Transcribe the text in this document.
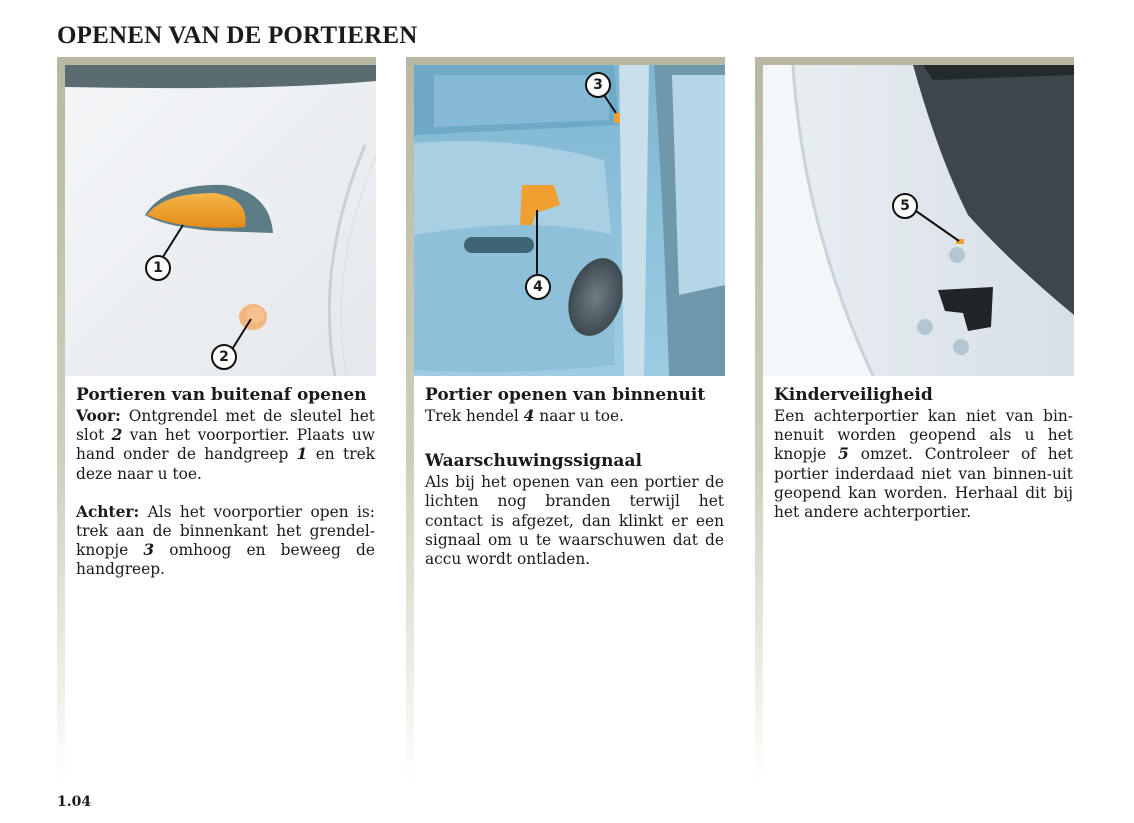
OPENEN VAN DE PORTIEREN
1
2
Portieren van buitenaf openen

Voor: Ontgrendel met de sleutel het slot 2 van het voorportier. Plaats uw hand onder de handgreep 1 en trek deze naar u toe.

Achter: Als het voorportier open is: trek aan de binnenkant het grendel-knopje 3 omhoog en beweeg de handgreep.

3
4
Portier openen van binnenuit

Trek hendel 4 naar u toe.

Waarschuwingssignaal

Als bij het openen van een portier de lichten nog branden terwijl het contact is afgezet, dan klinkt er een signaal om u te waarschuwen dat de accu wordt ontladen.

5
Kinderveiligheid

Een achterportier kan niet van bin-nenuit worden geopend als u het knopje 5 omzet. Controleer of het portier inderdaad niet van binnen-uit geopend kan worden. Herhaal dit bij het andere achterportier.

1.04
